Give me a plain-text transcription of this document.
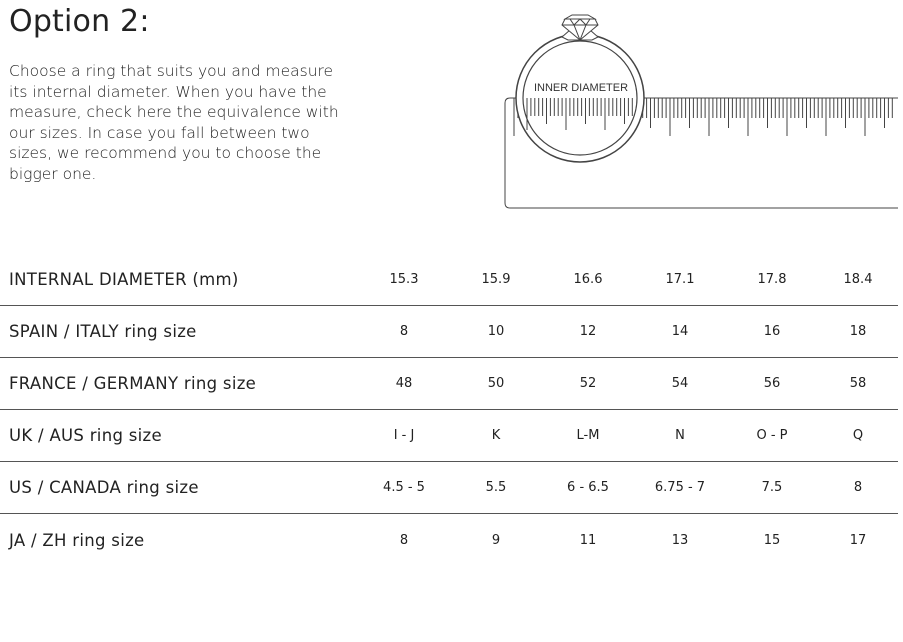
Option 2:

Choose a ring that suits you and measure its internal diameter. When you have the measure, check here the equivalence with our sizes. In case you fall between two sizes, we recommend you to choose the bigger one.

INNER DIAMETER
INTERNAL DIAMETER (mm)	15.3	15.9	16.6	17.1	17.8	18.4
SPAIN / ITALY ring size	8	10	12	14	16	18
FRANCE / GERMANY ring size	48	50	52	54	56	58
UK / AUS ring size	I - J	K	L-M	N	O - P	Q
US / CANADA ring size	4.5 - 5	5.5	6 - 6.5	6.75 - 7	7.5	8
JA / ZH ring size	8	9	11	13	15	17
